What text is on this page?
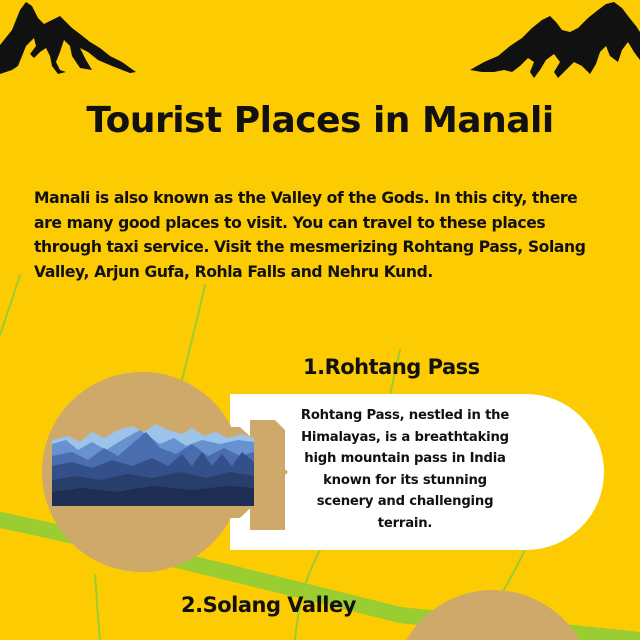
Tourist Places in Manali
Manali is also known as the Valley of the Gods. In this city, there
are many good places to visit. You can travel to these places
through taxi service. Visit the mesmerizing Rohtang Pass, Solang
Valley, Arjun Gufa, Rohla Falls and Nehru Kund.
1.Rohtang Pass
Rohtang Pass, nestled in the
Himalayas, is a breathtaking
high mountain pass in India
known for its stunning
scenery and challenging
terrain.
2.Solang Valley
